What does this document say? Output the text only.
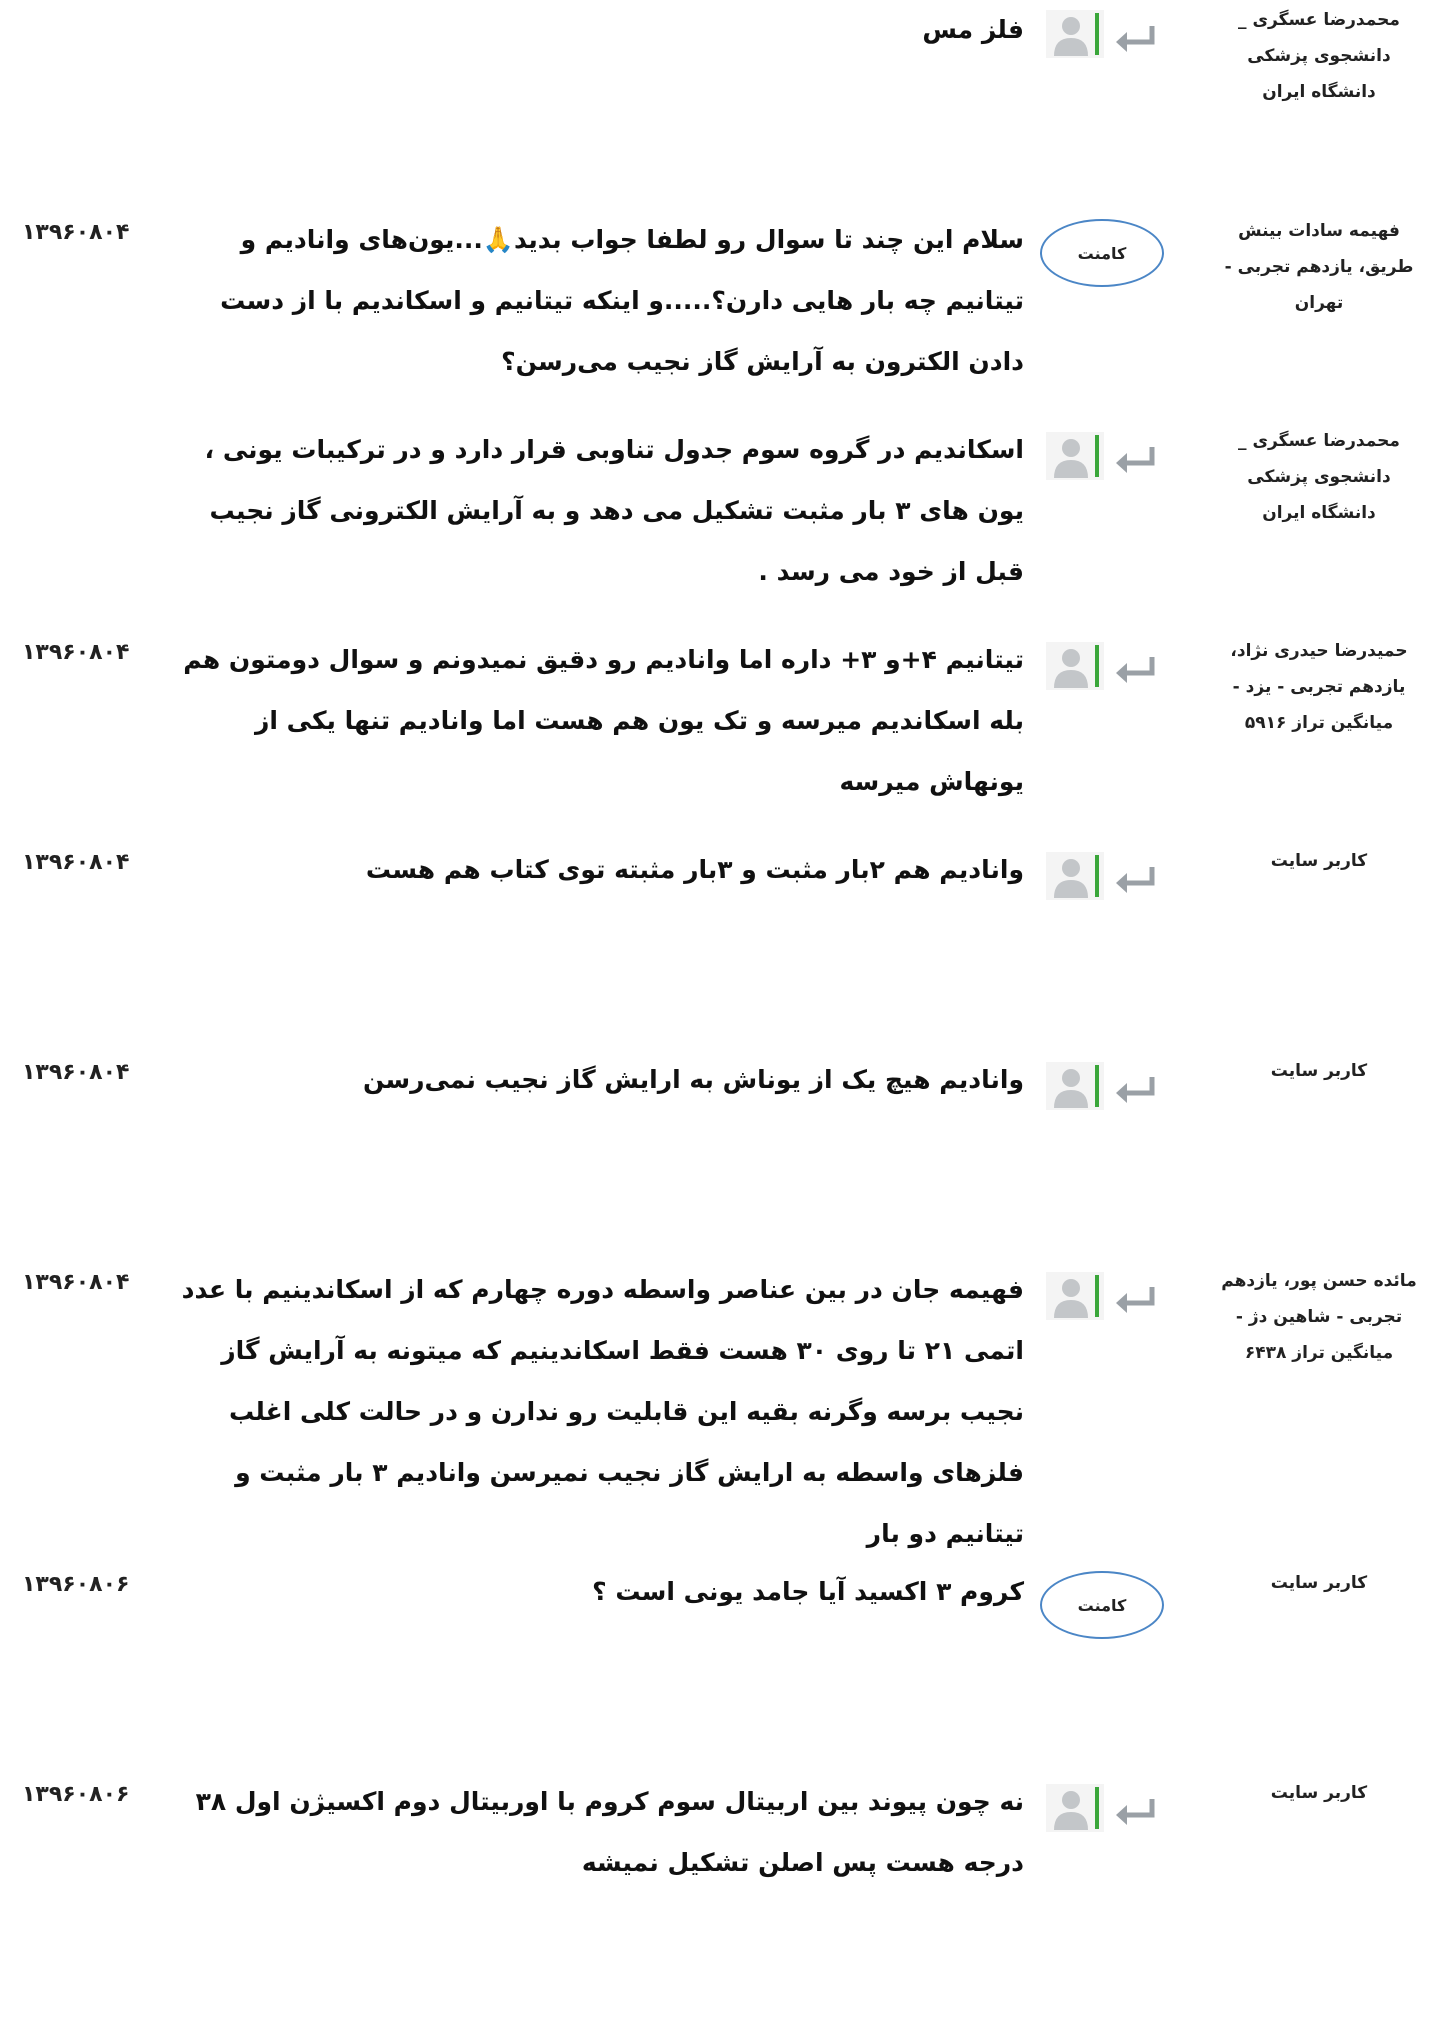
محمدرضا عسگری _ دانشجوی پزشکی دانشگاه ایران
فلز مس
فهیمه سادات بینش طریق، یازدهم تجربی - تهران
کامنت
سلام این چند تا سوال رو لطفا جواب بدید🙏...یون‌های وانادیم و تیتانیم چه بار هایی دارن؟.....و اینکه تیتانیم و اسکاندیم با از دست دادن الکترون به آرایش گاز نجیب می‌رسن؟
۱۳۹۶۰۸۰۴
محمدرضا عسگری _ دانشجوی پزشکی دانشگاه ایران
اسکاندیم در گروه سوم جدول تناوبی قرار دارد و در ترکیبات یونی ، یون های ۳ بار مثبت تشکیل می دهد و به آرایش الکترونی گاز نجیب قبل از خود می رسد .
حمیدرضا حیدری نژاد، یازدهم تجربی - یزد - میانگین تراز ۵۹۱۶
تیتانیم ۴+و ۳+ داره اما وانادیم رو دقیق نمیدونم و سوال دومتون هم بله اسکاندیم میرسه و تک یون هم هست اما وانادیم تنها یکی از یونهاش میرسه
۱۳۹۶۰۸۰۴
کاربر سایت
وانادیم هم ۲بار مثبت و ۳بار مثبته توی کتاب هم هست
۱۳۹۶۰۸۰۴
کاربر سایت
وانادیم هیچ یک از یوناش به ارایش گاز نجیب نمی‌رسن
۱۳۹۶۰۸۰۴
مائده حسن پور، یازدهم تجربی - شاهین دژ - میانگین تراز ۶۴۳۸
فهیمه جان در بین عناصر واسطه دوره چهارم که از اسکاندینیم با عدد اتمی ۲۱ تا روی ۳۰ هست فقط اسکاندینیم که میتونه به آرایش گاز نجیب برسه وگرنه بقیه این قابلیت رو ندارن و در حالت کلی اغلب فلزهای واسطه به ارایش گاز نجیب نمیرسن وانادیم ۳ بار مثبت و تیتانیم دو بار
۱۳۹۶۰۸۰۴
کاربر سایت
کامنت
کروم ۳ اکسید آیا جامد یونی است ؟
۱۳۹۶۰۸۰۶
کاربر سایت
نه چون پیوند بین اربیتال سوم کروم با اوربیتال دوم اکسیژن اول ۳۸ درجه هست پس اصلن تشکیل نمیشه
۱۳۹۶۰۸۰۶
